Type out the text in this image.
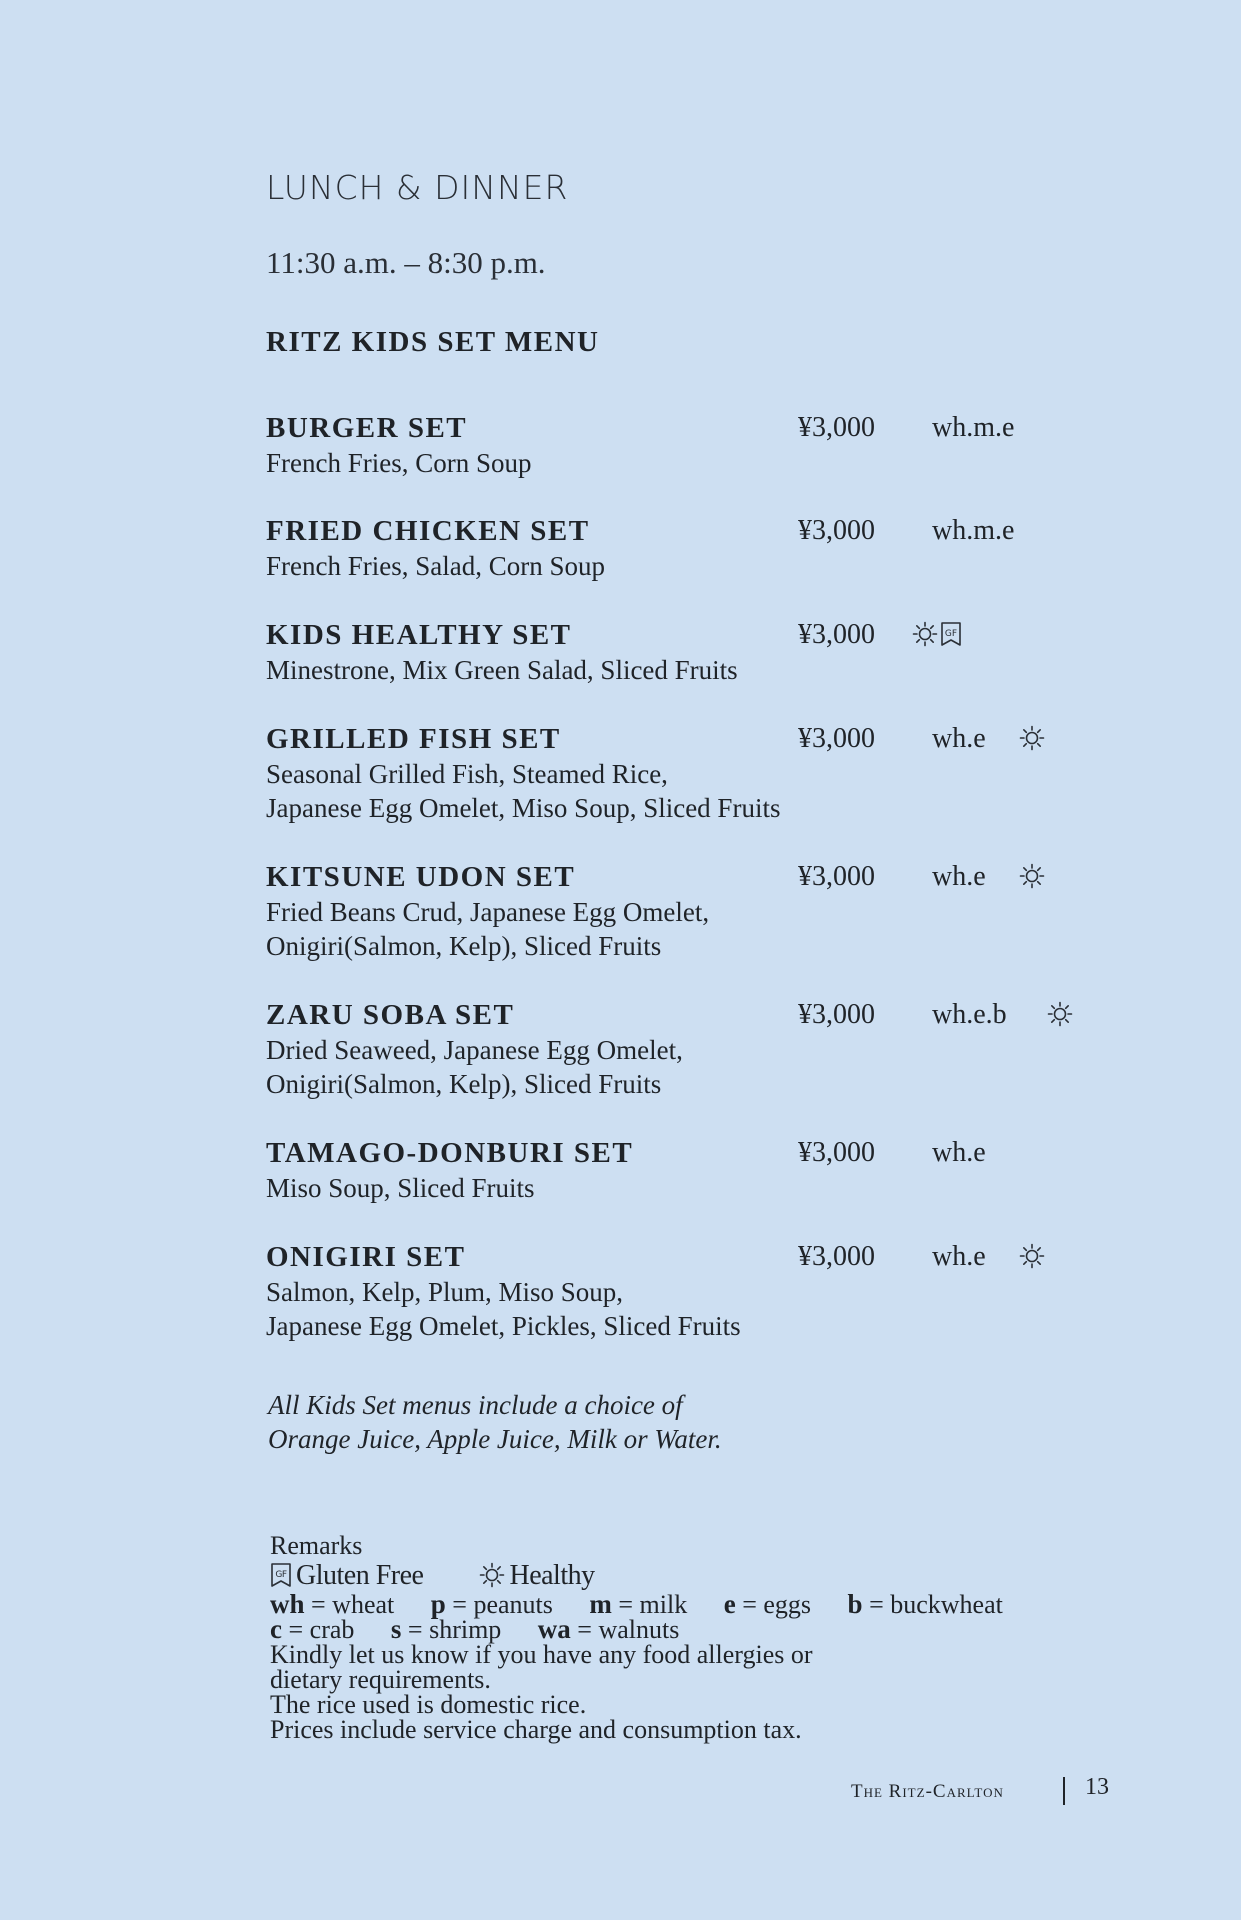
LUNCH & DINNER
11:30 a.m. – 8:30 p.m.
RITZ KIDS SET MENU
BURGER SET	¥3,000 wh.m.e
French Fries, Corn Soup
FRIED CHICKEN SET	¥3,000 wh.m.e
French Fries, Salad, Corn Soup
KIDS HEALTHY SET	¥3,000
Minestrone, Mix Green Salad, Sliced Fruits
GRILLED FISH SET	¥3,000 wh.e
Seasonal Grilled Fish, Steamed Rice,
Japanese Egg Omelet, Miso Soup, Sliced Fruits
KITSUNE UDON SET	¥3,000 wh.e
Fried Beans Crud, Japanese Egg Omelet,
Onigiri(Salmon, Kelp), Sliced Fruits
ZARU SOBA SET	¥3,000 wh.e.b
Dried Seaweed, Japanese Egg Omelet,
Onigiri(Salmon, Kelp), Sliced Fruits
TAMAGO-DONBURI SET	¥3,000 wh.e
Miso Soup, Sliced Fruits
ONIGIRI SET	¥3,000 wh.e
Salmon, Kelp, Plum, Miso Soup,
Japanese Egg Omelet, Pickles, Sliced Fruits
All Kids Set menus include a choice of
Orange Juice, Apple Juice, Milk or Water.
Remarks
Gluten Free	Healthy
wh = wheat p = peanuts m = milk e = eggs b = buckwheat
c = crab s = shrimp wa = walnuts
Kindly let us know if you have any food allergies or
dietary requirements.
The rice used is domestic rice.
Prices include service charge and consumption tax.
The Ritz-Carlton	13
